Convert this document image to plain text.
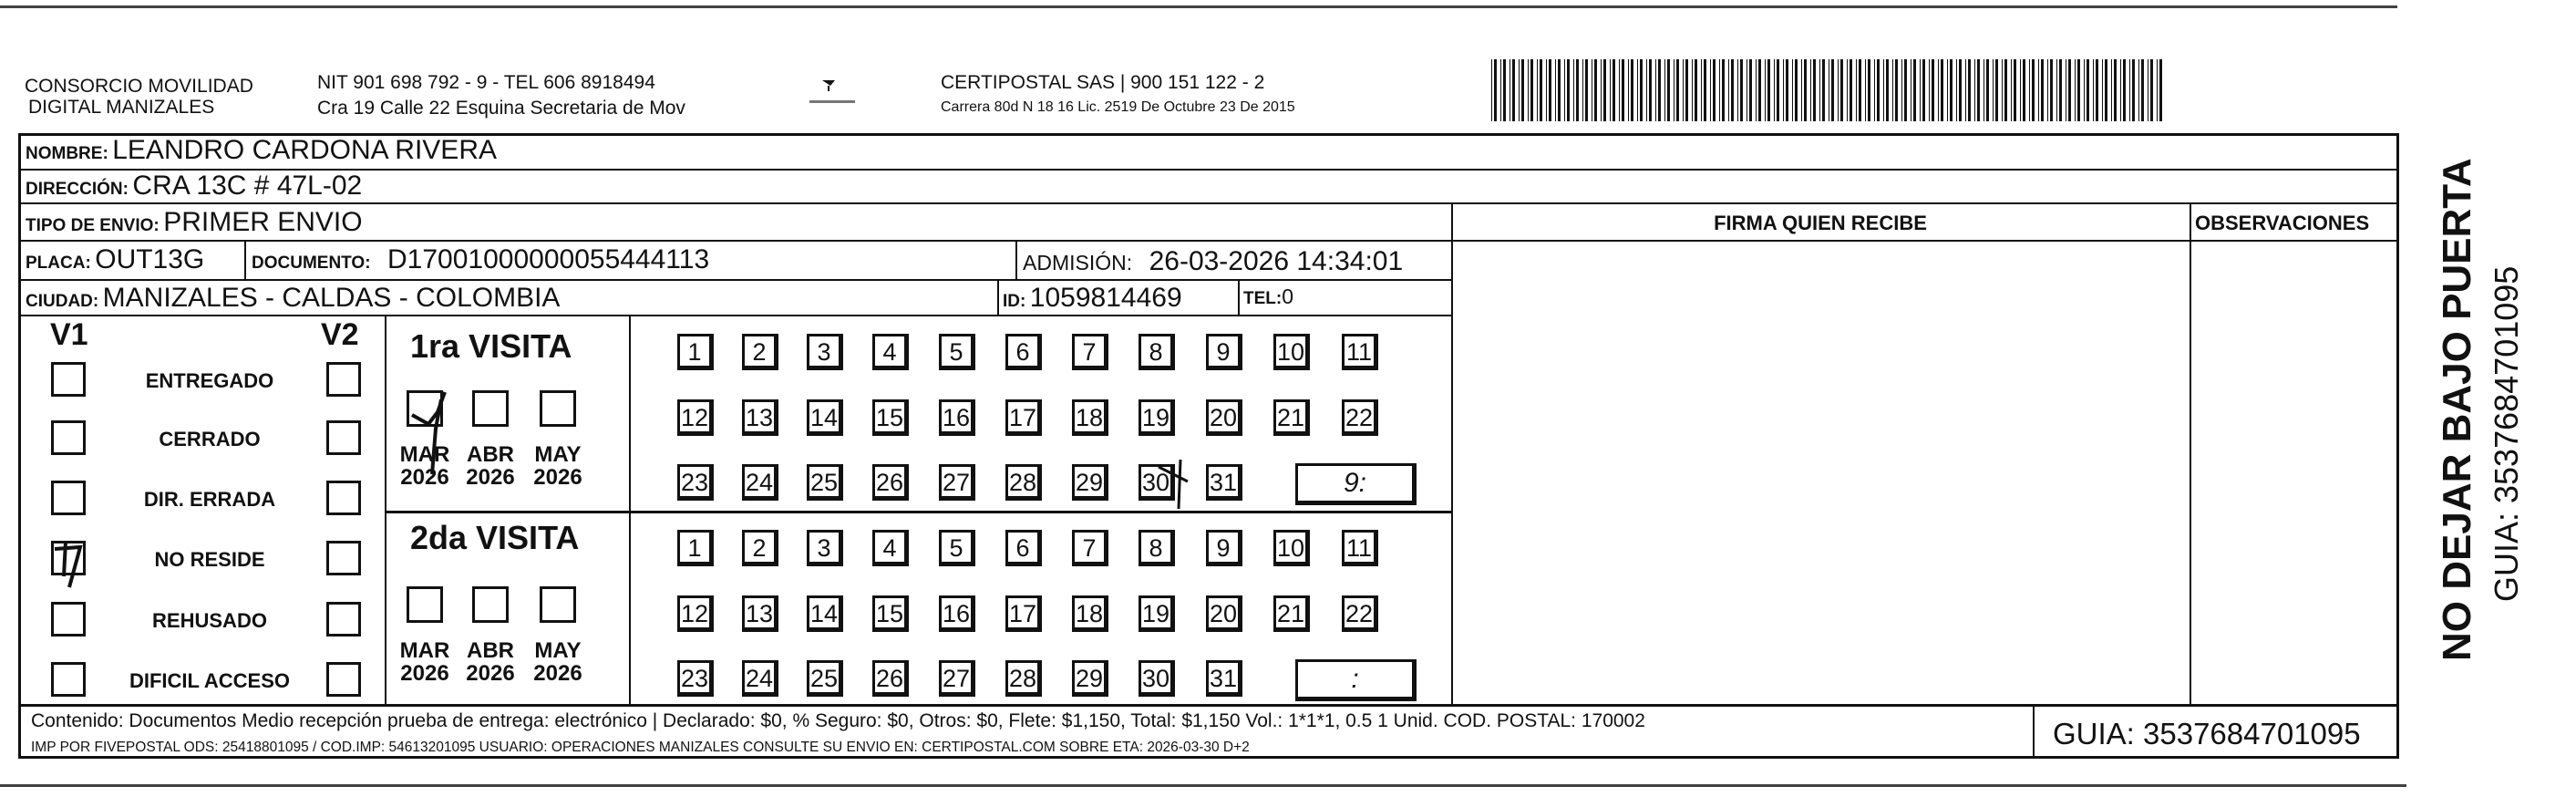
CONSORCIO MOVILIDAD
DIGITAL MANIZALES
NIT 901 698 792 - 9 - TEL 606 8918494
Cra 19 Calle 22 Esquina Secretaria de Mov
CERTIPOSTAL SAS | 900 151 122 - 2
Carrera 80d N 18 16 Lic. 2519 De Octubre 23 De 2015
NOMBRE: LEANDRO CARDONA RIVERA
DIRECCIÓN: CRA 13C # 47L-02
TIPO DE ENVIO: PRIMER ENVIO
PLACA: OUT13G	DOCUMENTO: D17001000000055444113	ADMISIÓN: 26-03-2026 14:34:01
CIUDAD: MANIZALES - CALDAS - COLOMBIA	ID: 1059814469	TEL:0
FIRMA QUIEN RECIBE	OBSERVACIONES
V1	V2
ENTREGADO
CERRADO
DIR. ERRADA
NO RESIDE
REHUSADO
DIFICIL ACCESO
1ra VISITA
2da VISITA
MAR
2026
ABR
2026
MAY
2026
1	2	3	4	5	6	7	8	9	10 11
12 13 14 15 16 17 18 19 20 21 22
23 24 25 26 27 28 29 30 31	9:
MAR
2026
ABR
2026
MAY
2026
1	2	3	4	5	6	7	8	9	10 11
12 13 14 15 16 17 18 19 20 21 22
23 24 25 26 27 28 29 30 31	:
Contenido: Documentos Medio recepción prueba de entrega: electrónico | Declarado: $0, % Seguro: $0, Otros: $0, Flete: $1,150, Total: $1,150 Vol.: 1*1*1, 0.5 1 Unid. COD. POSTAL: 170002
IMP POR FIVEPOSTAL ODS: 25418801095 / COD.IMP: 54613201095 USUARIO: OPERACIONES MANIZALES CONSULTE SU ENVIO EN: CERTIPOSTAL.COM SOBRE ETA: 2026-03-30 D+2	GUIA: 3537684701095
NO DEJAR BAJO PUERTA GUIA: 3537684701095
